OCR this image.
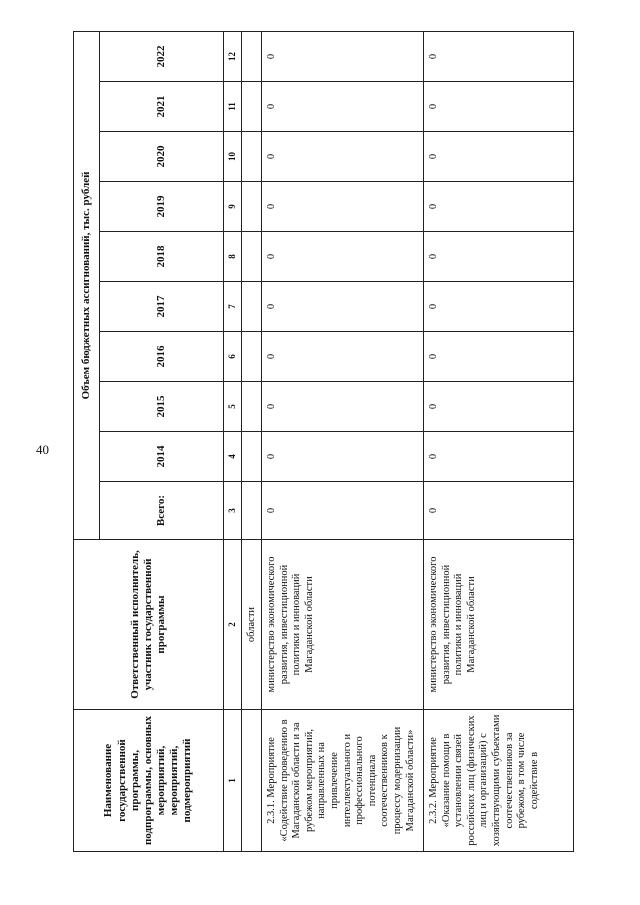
40
Наименование государственной программы, подпрограммы, основных мероприятий, мероприятий, подмероприятий	Ответственный исполнитель, участник государственной программы	Объем бюджетных ассигнований, тыс. рублей									
		Всего:	2014	2015	2016	2017	2018	2019	2020	2021	2022
1	2	3	4	5	6	7	8	9	10	11	12
	области										
2.3.1. Мероприятие «Содействие проведению в Магаданской области и за рубежом мероприятий, направленных на привлечение интеллектуального и профессионального потенциала соотечественников к процессу модернизации Магаданской области»	министерство экономического развития, инвестиционной политики и инноваций Магаданской области	0	0	0	0	0	0	0	0	0	0
2.3.2. Мероприятие «Оказание помощи в установлении связей российских лиц (физических лиц и организаций) с хозяйствующими субъектами соотечественников за рубежом, в том числе содействие в	министерство экономического развития, инвестиционной политики и инноваций Магаданской области	0	0	0	0	0	0	0	0	0	0
